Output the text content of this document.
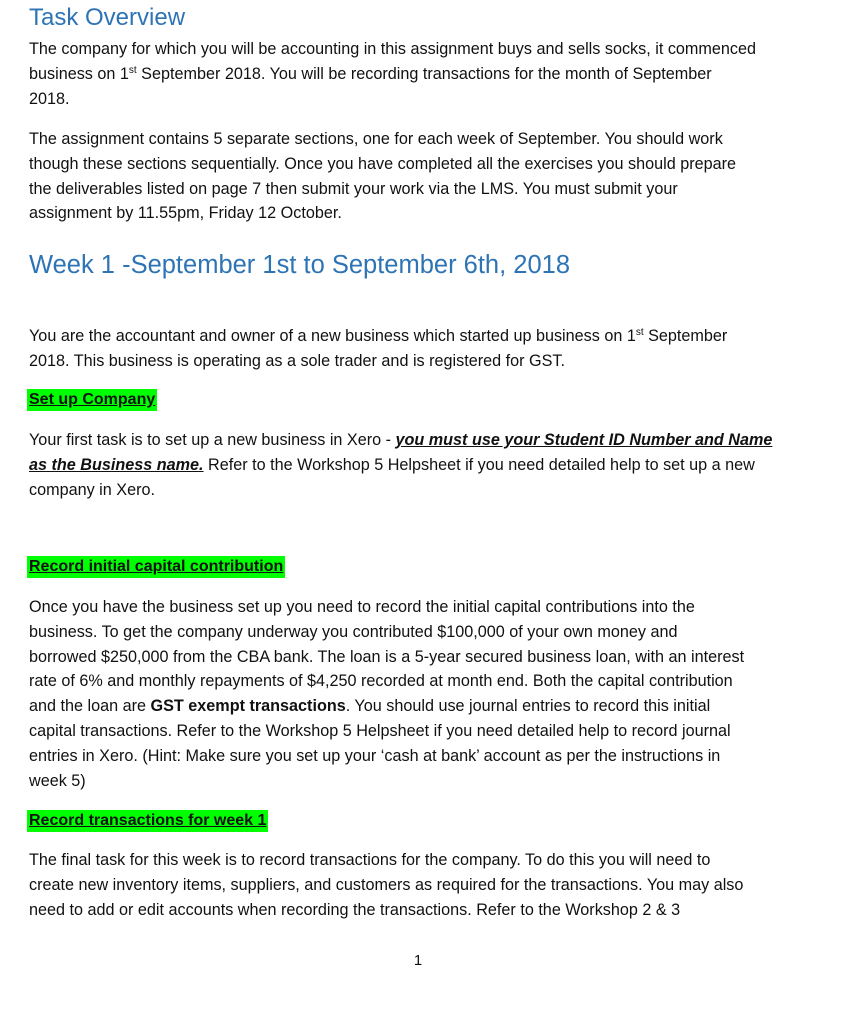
Task Overview
The company for which you will be accounting in this assignment buys and sells socks, it commenced
business on 1st September 2018. You will be recording transactions for the month of September
2018.
The assignment contains 5 separate sections, one for each week of September. You should work
though these sections sequentially. Once you have completed all the exercises you should prepare
the deliverables listed on page 7 then submit your work via the LMS. You must submit your
assignment by 11.55pm, Friday 12 October.
Week 1 -September 1st to September 6th, 2018
You are the accountant and owner of a new business which started up business on 1st September
2018. This business is operating as a sole trader and is registered for GST.
Set up Company
Your first task is to set up a new business in Xero - you must use your Student ID Number and Name
as the Business name. Refer to the Workshop 5 Helpsheet if you need detailed help to set up a new
company in Xero.
Record initial capital contribution
Once you have the business set up you need to record the initial capital contributions into the
business. To get the company underway you contributed $100,000 of your own money and
borrowed $250,000 from the CBA bank. The loan is a 5-year secured business loan, with an interest
rate of 6% and monthly repayments of $4,250 recorded at month end. Both the capital contribution
and the loan are GST exempt transactions. You should use journal entries to record this initial
capital transactions. Refer to the Workshop 5 Helpsheet if you need detailed help to record journal
entries in Xero. (Hint: Make sure you set up your ‘cash at bank’ account as per the instructions in
week 5)
Record transactions for week 1
The final task for this week is to record transactions for the company. To do this you will need to
create new inventory items, suppliers, and customers as required for the transactions. You may also
need to add or edit accounts when recording the transactions. Refer to the Workshop 2 & 3
1
